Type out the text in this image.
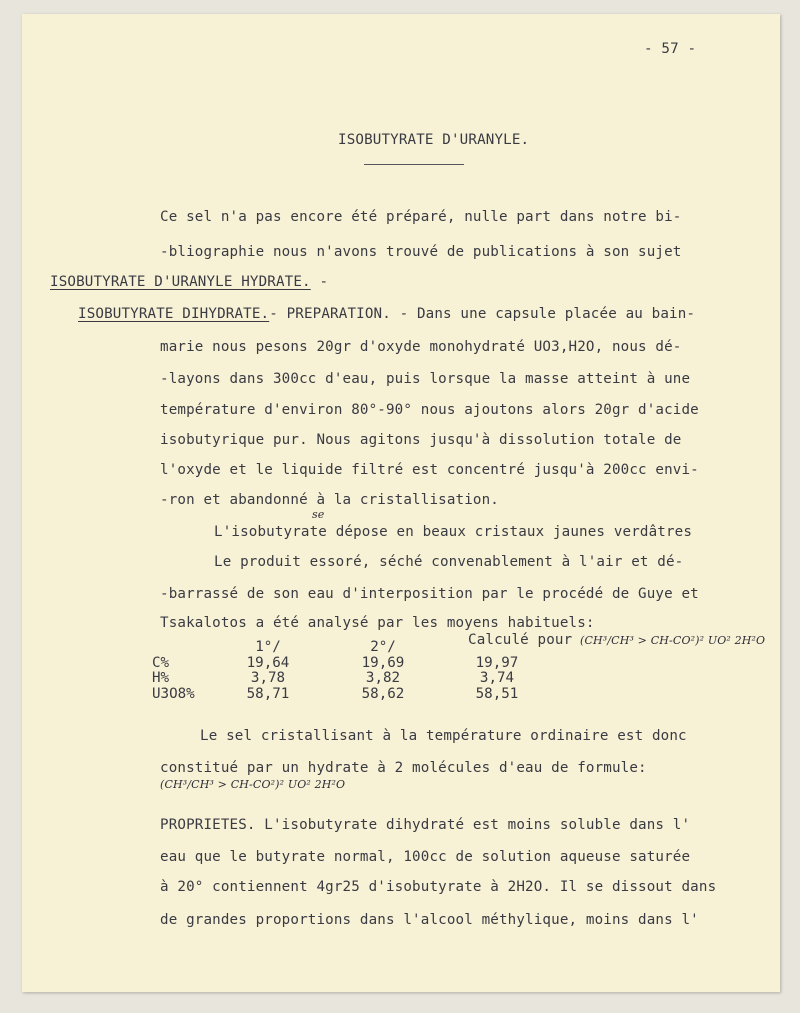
- 57 -
ISOBUTYRATE D'URANYLE.
Ce sel n'a pas encore été préparé, nulle part dans notre bi-
-bliographie nous n'avons trouvé de publications à son sujet
ISOBUTYRATE D'URANYLE HYDRATE. -
ISOBUTYRATE DIHYDRATE.- PREPARATION. - Dans une capsule placée au bain-
marie nous pesons 20gr d'oxyde monohydraté UO3,H2O, nous dé-
-layons dans 300cc d'eau, puis lorsque la masse atteint à une
température d'environ 80°-90° nous ajoutons alors 20gr d'acide
isobutyrique pur. Nous agitons jusqu'à dissolution totale de
l'oxyde et le liquide filtré est concentré jusqu'à 200cc envi-
-ron et abandonné à la cristallisation.
se
L'isobutyrate dépose en beaux cristaux jaunes verdâtres
Le produit essoré, séché convenablement à l'air et dé-
-barrassé de son eau d'interposition par le procédé de Guye et
Tsakalotos a été analysé par les moyens habituels:
Calculé pour (CH³/CH³ > CH-CO²)² UO² 2H²O
	1°/	2°/	
C%	19,64	19,69	19,97
H%	3,78	3,82	3,74
U3O8%	58,71	58,62	58,51
Le sel cristallisant à la température ordinaire est donc
constitué par un hydrate à 2 molécules d'eau de formule:
(CH³/CH³ > CH-CO²)² UO² 2H²O
PROPRIETES. L'isobutyrate dihydraté est moins soluble dans l'
eau que le butyrate normal, 100cc de solution aqueuse saturée
à 20° contiennent 4gr25 d'isobutyrate à 2H2O. Il se dissout dans
de grandes proportions dans l'alcool méthylique, moins dans l'
